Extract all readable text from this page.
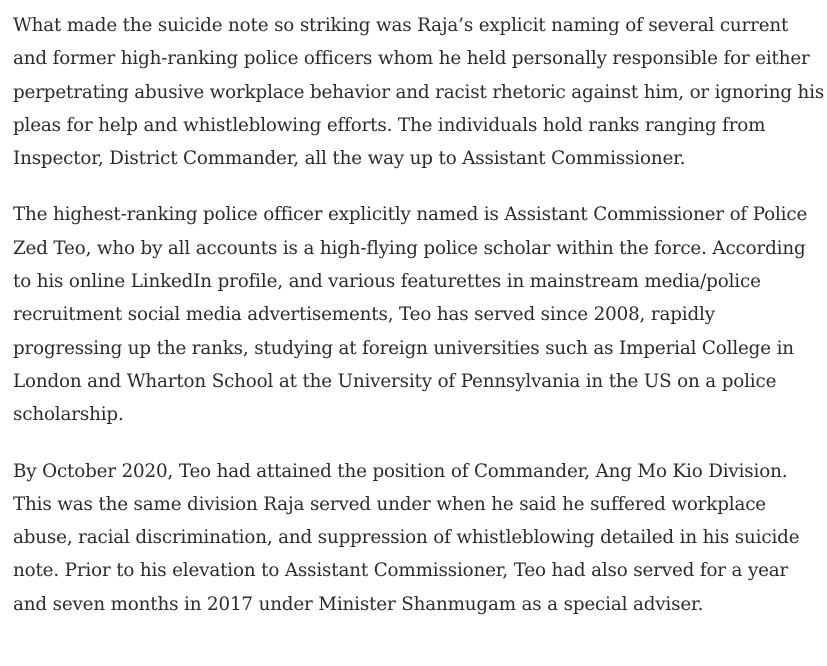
What made the suicide note so striking was Raja’s explicit naming of several current and former high-ranking police officers whom he held personally responsible for either perpetrating abusive workplace behavior and racist rhetoric against him, or ignoring his pleas for help and whistleblowing efforts. The individuals hold ranks ranging from Inspector, District Commander, all the way up to Assistant Commissioner.

The highest-ranking police officer explicitly named is Assistant Commissioner of Police Zed Teo, who by all accounts is a high-flying police scholar within the force. According to his online LinkedIn profile, and various featurettes in mainstream media/police recruitment social media advertisements, Teo has served since 2008, rapidly progressing up the ranks, studying at foreign universities such as Imperial College in London and Wharton School at the University of Pennsylvania in the US on a police scholarship.

By October 2020, Teo had attained the position of Commander, Ang Mo Kio Division. This was the same division Raja served under when he said he suffered workplace abuse, racial discrimination, and suppression of whistleblowing detailed in his suicide note. Prior to his elevation to Assistant Commissioner, Teo had also served for a year and seven months in 2017 under Minister Shanmugam as a special adviser.
